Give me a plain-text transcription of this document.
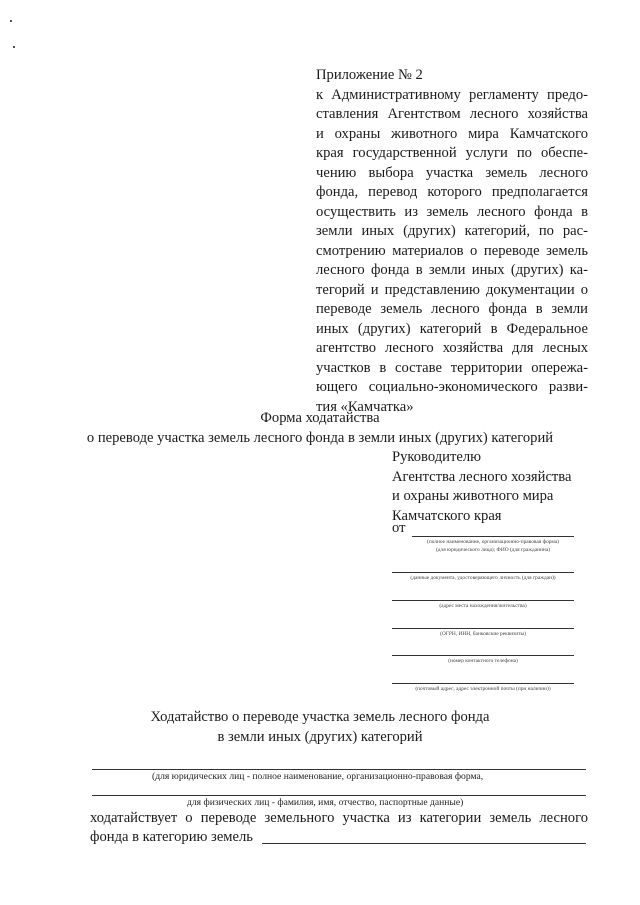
Приложение № 2
к Административному регламенту предо-
ставления Агентством лесного хозяйства
и охраны животного мира Камчатского
края государственной услуги по обеспе-
чению выбора участка земель лесного
фонда, перевод которого предполагается
осуществить из земель лесного фонда в
земли иных (других) категорий, по рас-
смотрению материалов о переводе земель
лесного фонда в земли иных (других) ка-
тегорий и представлению документации о
переводе земель лесного фонда в земли
иных (других) категорий в Федеральное
агентство лесного хозяйства для лесных
участков в составе территории опережа-
ющего социально-экономического разви-
тия «Камчатка»
Форма ходатайства
о переводе участка земель лесного фонда в земли иных (других) категорий
Руководителю
Агентства лесного хозяйства
и охраны животного мира
Камчатского края
от
(полное наименование, организационно-правовая форма)
(для юридического лица); ФИО (для гражданина)
(данные документа, удостоверяющего личность (для граждан))
(адрес места нахождения/жительства)
(ОГРН, ИНН, банковские реквизиты)
(номер контактного телефона)
(почтовый адрес, адрес электронной почты (при наличии))
Ходатайство о переводе участка земель лесного фонда
в земли иных (других) категорий
(для юридических лиц - полное наименование, организационно-правовая форма,
для физических лиц - фамилия, имя, отчество, паспортные данные)
ходатайствует о переводе земельного участка из категории земель лесного
фонда в категорию земель
